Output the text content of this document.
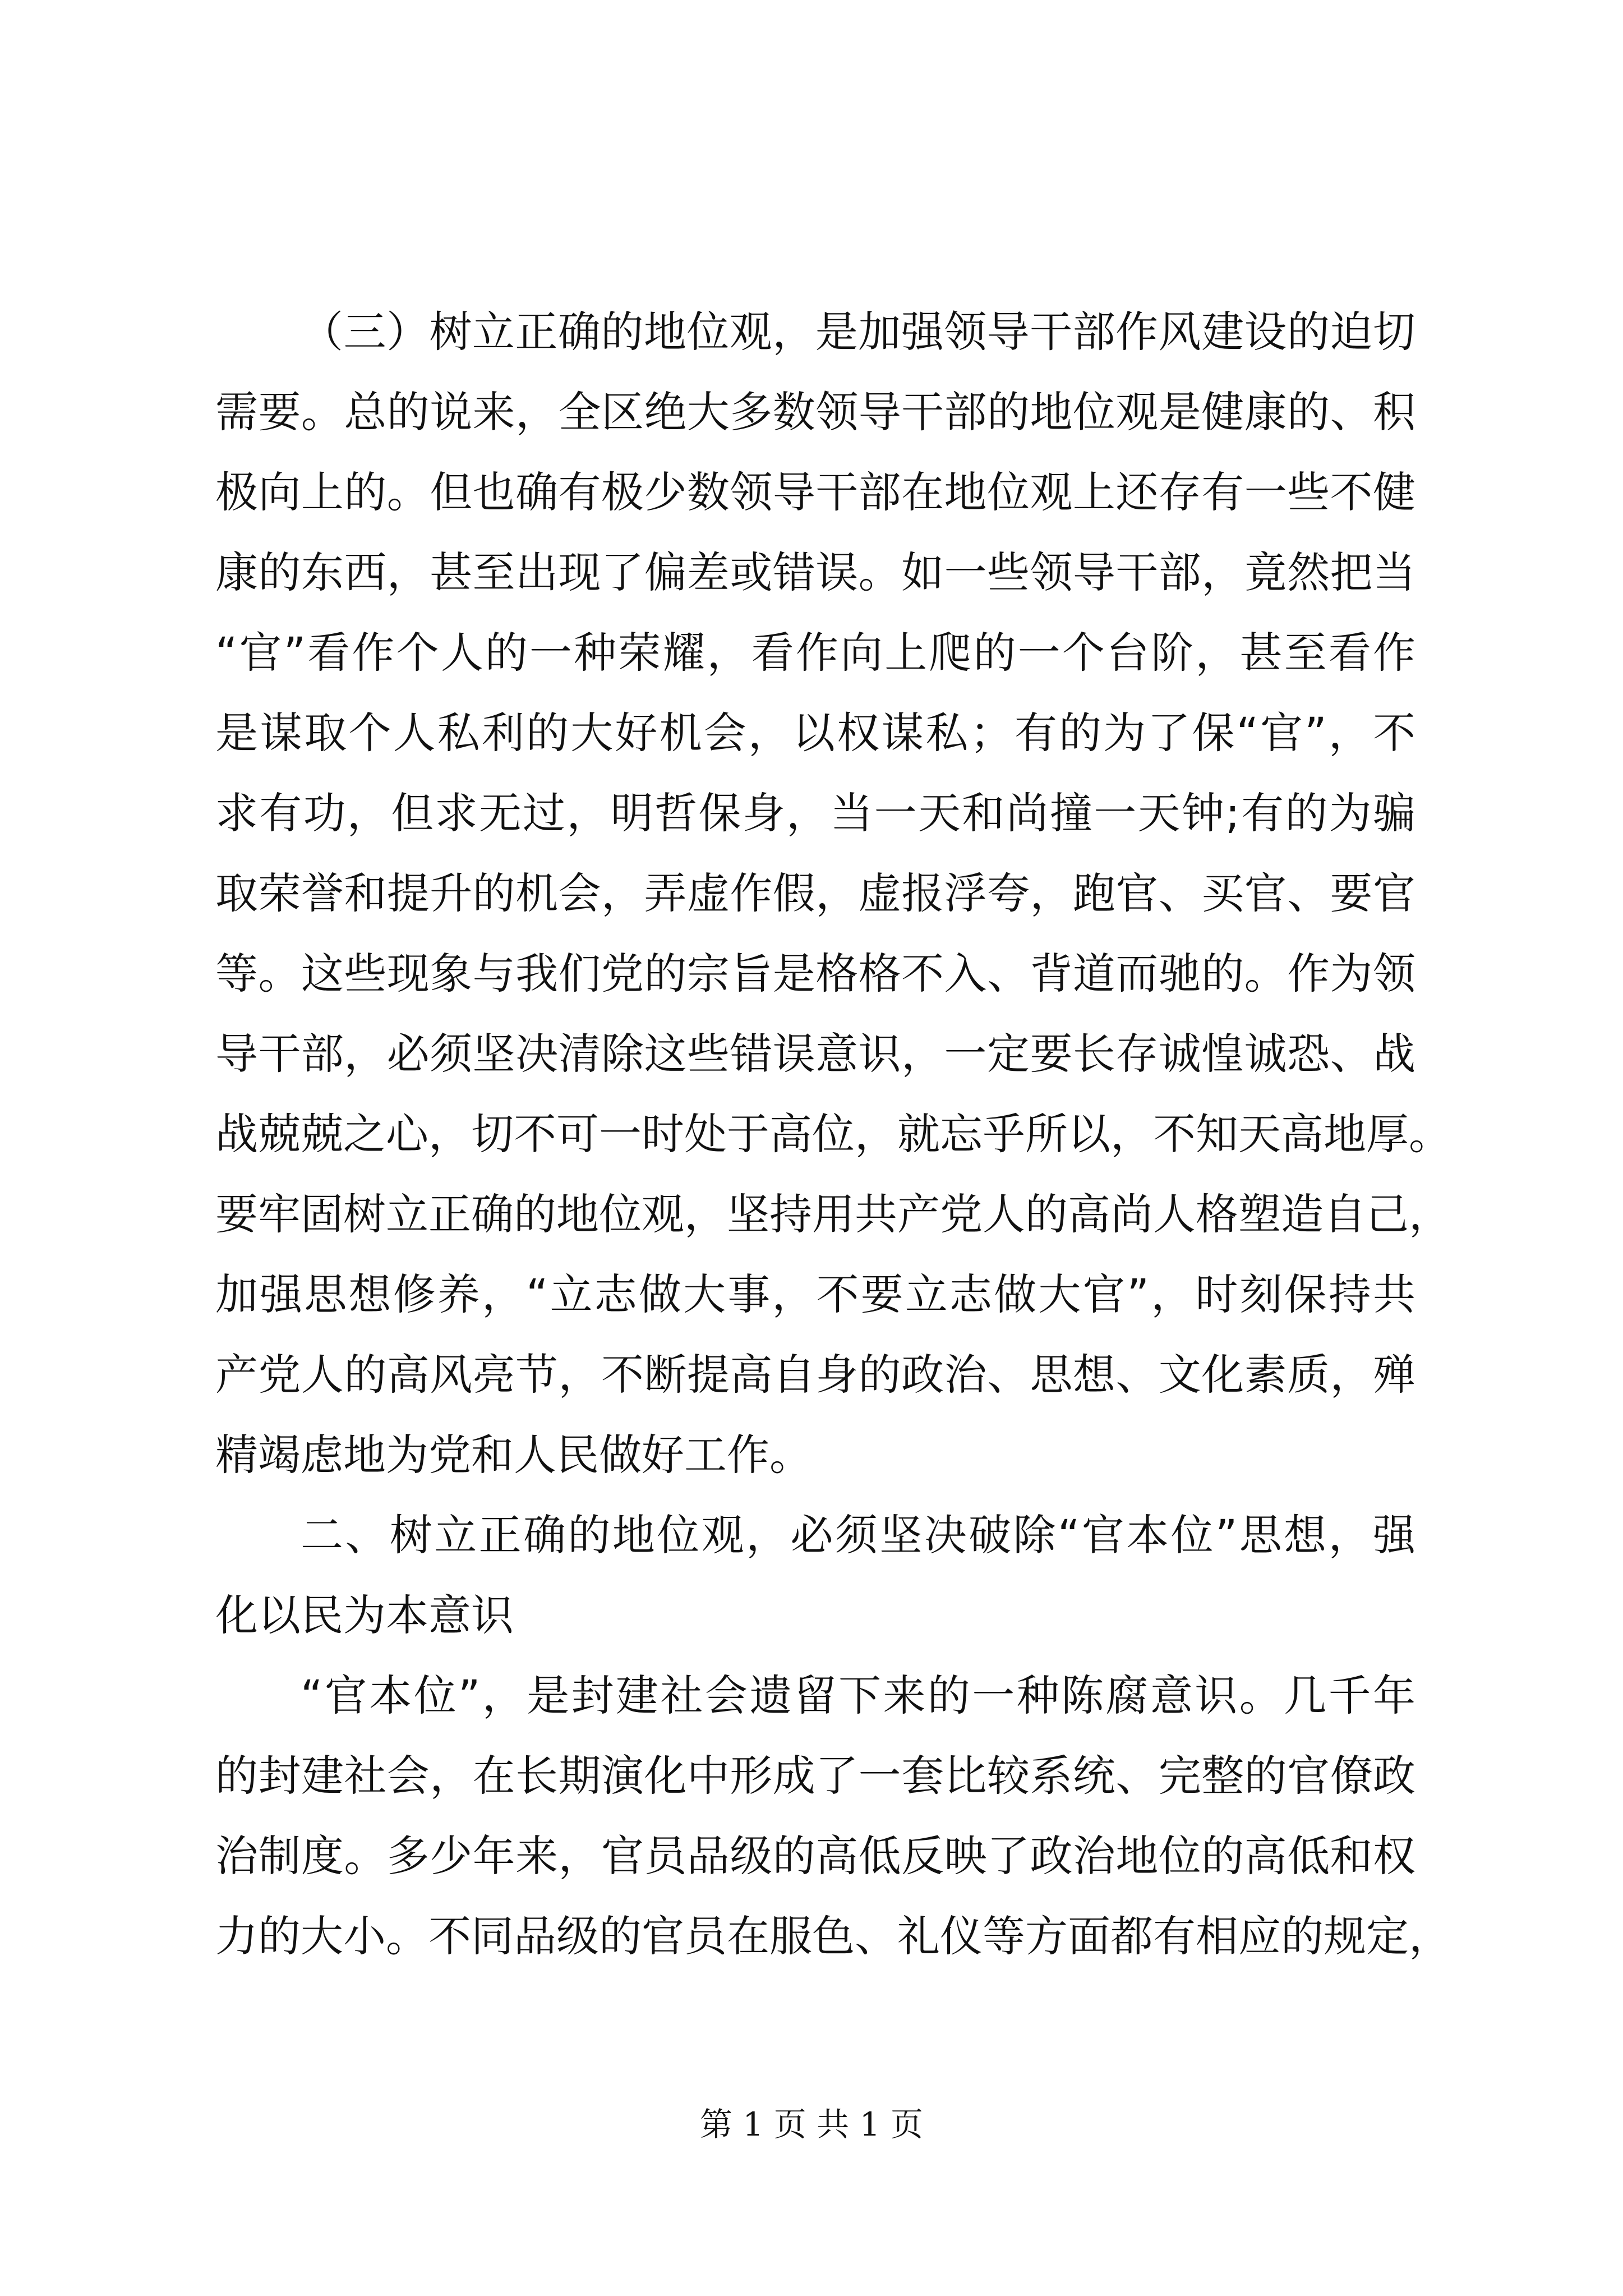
（三）树立正确的地位观，是加强领导干部作风建设的迫切
需要。总的说来，全区绝大多数领导干部的地位观是健康的、积
极向上的。但也确有极少数领导干部在地位观上还存有一些不健
康的东西，甚至出现了偏差或错误。如一些领导干部，竟然把当
“官”看作个人的一种荣耀，看作向上爬的一个台阶，甚至看作
是谋取个人私利的大好机会，以权谋私；有的为了保“官”，不
求有功，但求无过，明哲保身，当一天和尚撞一天钟;有的为骗
取荣誉和提升的机会，弄虚作假，虚报浮夸，跑官、买官、要官
等。这些现象与我们党的宗旨是格格不入、背道而驰的。作为领
导干部，必须坚决清除这些错误意识，一定要长存诚惶诚恐、战
战兢兢之心，切不可一时处于高位，就忘乎所以，不知天高地厚。
要牢固树立正确的地位观，坚持用共产党人的高尚人格塑造自己，
加强思想修养，“立志做大事，不要立志做大官”，时刻保持共
产党人的高风亮节，不断提高自身的政治、思想、文化素质，殚
精竭虑地为党和人民做好工作。
二、树立正确的地位观，必须坚决破除“官本位”思想，强
化以民为本意识
“官本位”，是封建社会遗留下来的一种陈腐意识。几千年
的封建社会，在长期演化中形成了一套比较系统、完整的官僚政
治制度。多少年来，官员品级的高低反映了政治地位的高低和权
力的大小。不同品级的官员在服色、礼仪等方面都有相应的规定，
第 1 页 共 1 页
